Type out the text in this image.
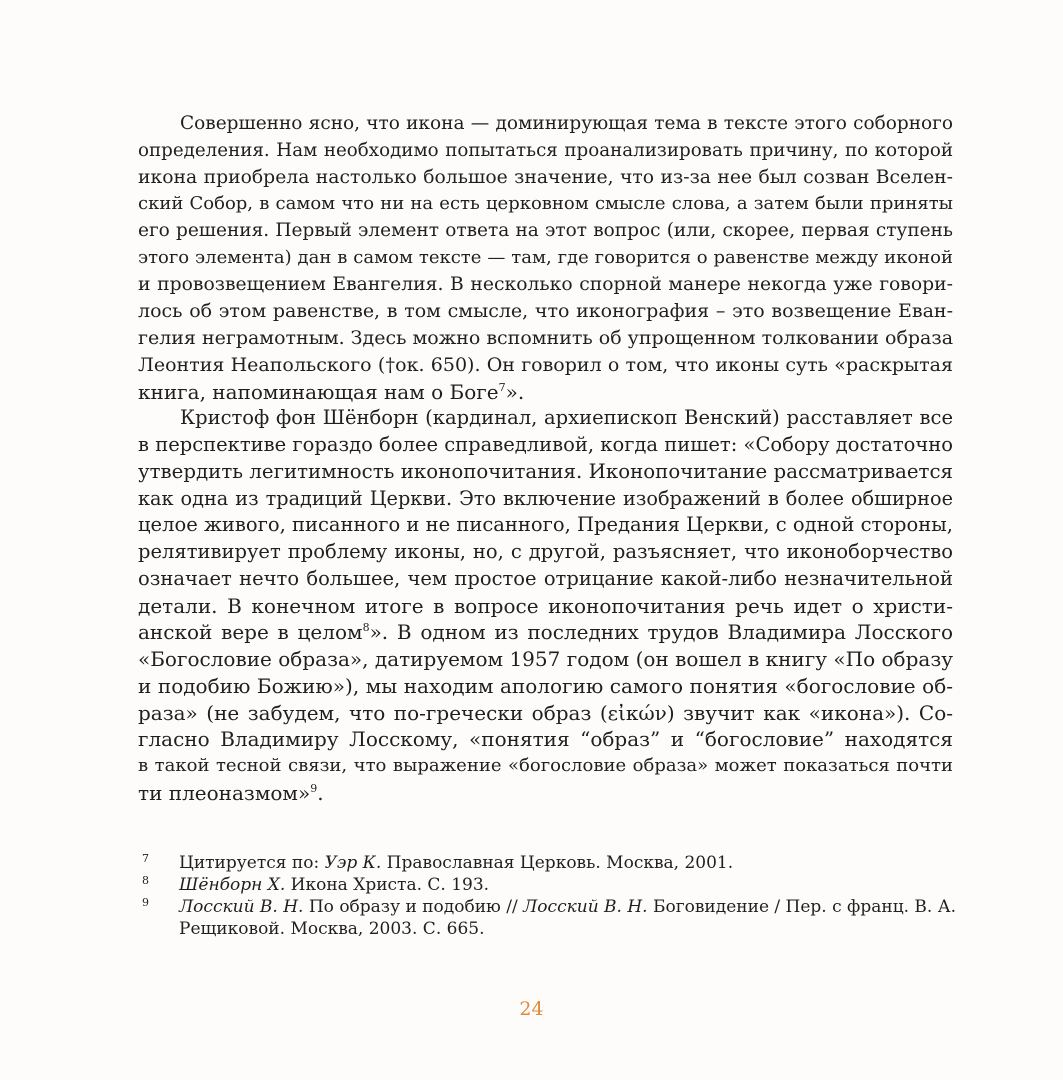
Совершенно ясно, что икона — доминирующая тема в тексте этого соборного
определения. Нам необходимо попытаться проанализировать причину, по которой
икона приобрела настолько большое значение, что из-за нее был созван Вселен-
ский Собор, в самом что ни на есть церковном смысле слова, а затем были приняты
его решения. Первый элемент ответа на этот вопрос (или, скорее, первая ступень
этого элемента) дан в самом тексте — там, где говорится о равенстве между иконой
и провозвещением Евангелия. В несколько спорной манере некогда уже говори-
лось об этом равенстве, в том смысле, что иконография – это возвещение Еван-
гелия неграмотным. Здесь можно вспомнить об упрощенном толковании образа
Леонтия Неапольского (†ок. 650). Он говорил о том, что иконы суть «раскрытая
книга, напоминающая нам о Боге$^7$».
Кристоф фон Шёнборн (кардинал, архиепископ Венский) расставляет все
в перспективе гораздо более справедливой, когда пишет: «Собору достаточно
утвердить легитимность иконопочитания. Иконопочитание рассматривается
как одна из традиций Церкви. Это включение изображений в более обширное
целое живого, писанного и не писанного, Предания Церкви, с одной стороны,
релятивирует проблему иконы, но, с другой, разъясняет, что иконоборчество
означает нечто большее, чем простое отрицание какой-либо незначительной
детали. В конечном итоге в вопросе иконопочитания речь идет о христи-
анской вере в целом$^8$». В одном из последних трудов Владимира Лосского
«Богословие образа», датируемом 1957 годом (он вошел в книгу «По образу
и подобию Божию»), мы находим апологию самого понятия «богословие об-
раза» (не забудем, что по-гречески образ (εἰκών) звучит как «икона»). Со-
гласно Владимиру Лосскому, «понятия “образ” и “богословие” находятся
в такой тесной связи, что выражение «богословие образа» может показаться почти
ти плеоназмом»$^9$.
7 Цитируется по: Уэр К. Православная Церковь. Москва, 2001.
8 Шёнборн Х. Икона Христа. С. 193.
9 Лосский В. Н. По образу и подобию // Лосский В. Н. Боговидение / Пер. с франц. В. А.
Рещиковой. Москва, 2003. С. 665.
24
